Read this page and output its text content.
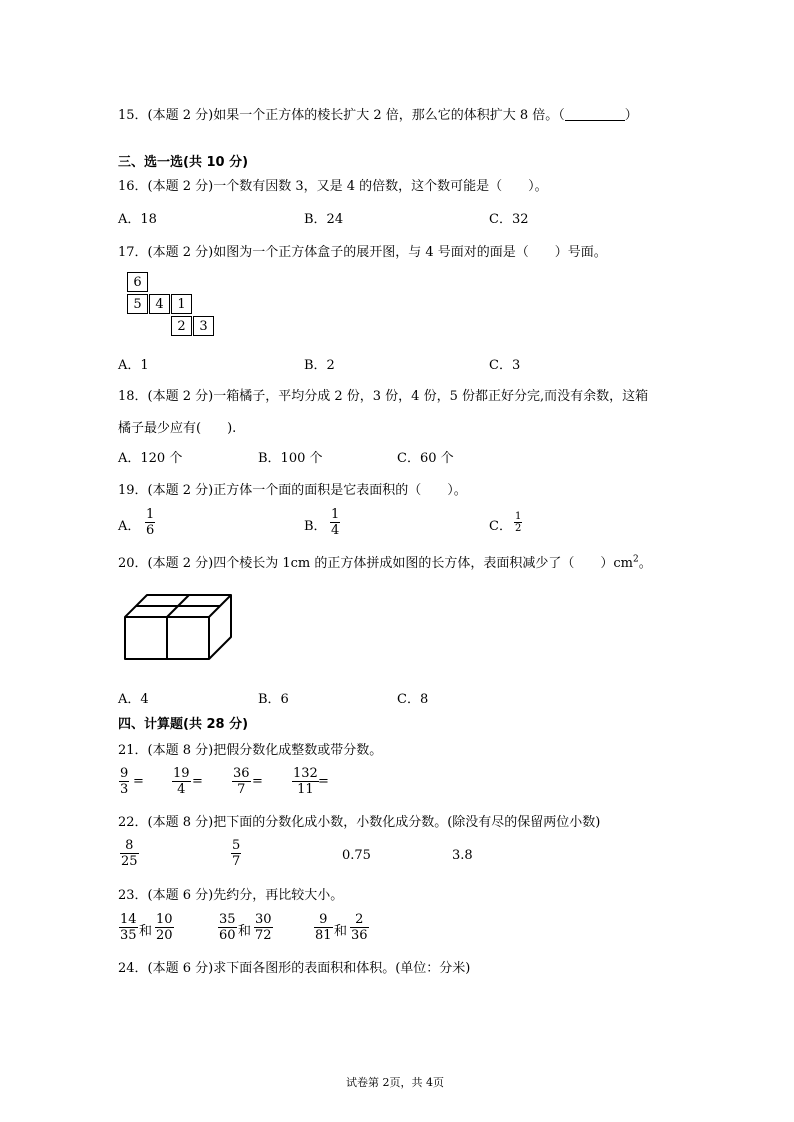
15．(本题 2 分)如果一个正方体的棱长扩大 2 倍，那么它的体积扩大 8 倍。（	）
三、选一选(共 10 分)
16．(本题 2 分)一个数有因数 3，又是 4 的倍数，这个数可能是（　　）。
A．18	B．24	C．32
17．(本题 2 分)如图为一个正方体盒子的展开图，与 4 号面对的面是（　　）号面。
6
5	4	1
2	3
A．1	B．2	C．3
18．(本题 2 分)一箱橘子，平均分成 2 份，3 份，4 份，5 份都正好分完,而没有余数，这箱
橘子最少应有(　　).
A．120 个	B．100 个	C．60 个
19．(本题 2 分)正方体一个面的面积是它表面积的（　　）。
A．
1
6	B．
1
4	C．
1
2
20．(本题 2 分)四个棱长为 1cm 的正方体拼成如图的长方体，表面积减少了（　　）$cm^2$。
A．4	B．6	C．8
四、计算题(共 28 分)
21．(本题 8 分)把假分数化成整数或带分数。
9
3
=
19
4
=
36
7
=
132
11
=
22．(本题 8 分)把下面的分数化成小数，小数化成分数。(除没有尽的保留两位小数)
8
25
5
7	0.75	3.8
23．(本题 6 分)先约分，再比较大小。
14
35 和
10
20
35
60 和
30
72
9
81 和
2
36
24．(本题 6 分)求下面各图形的表面积和体积。(单位：分米)
试卷第 2页，共 4页
